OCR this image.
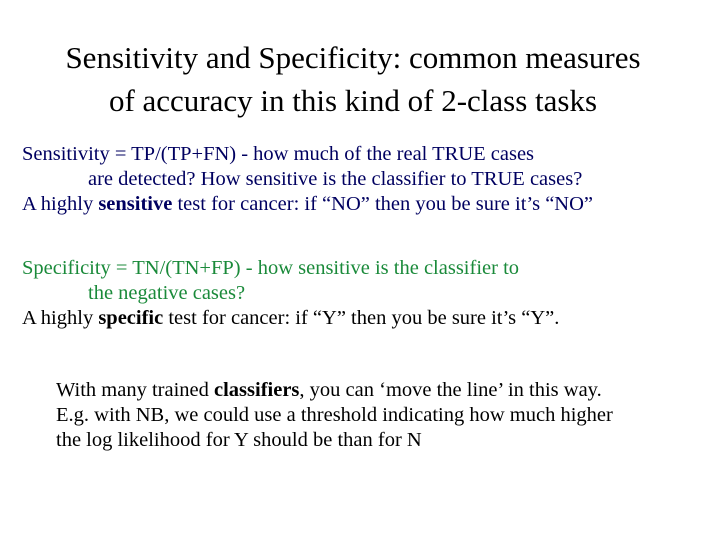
Sensitivity and Specificity: common measures
of accuracy in this kind of 2-class tasks
Sensitivity = TP/(TP+FN) - how much of the real TRUE cases
are detected? How sensitive is the classifier to TRUE cases?
A highly sensitive test for cancer: if “NO” then you be sure it’s “NO”
Specificity = TN/(TN+FP) - how sensitive is the classifier to
the negative cases?
A highly specific test for cancer: if “Y” then you be sure it’s “Y”.
With many trained classifiers, you can ‘move the line’ in this way.
E.g. with NB, we could use a threshold indicating how much higher
the log likelihood for Y should be than for N
